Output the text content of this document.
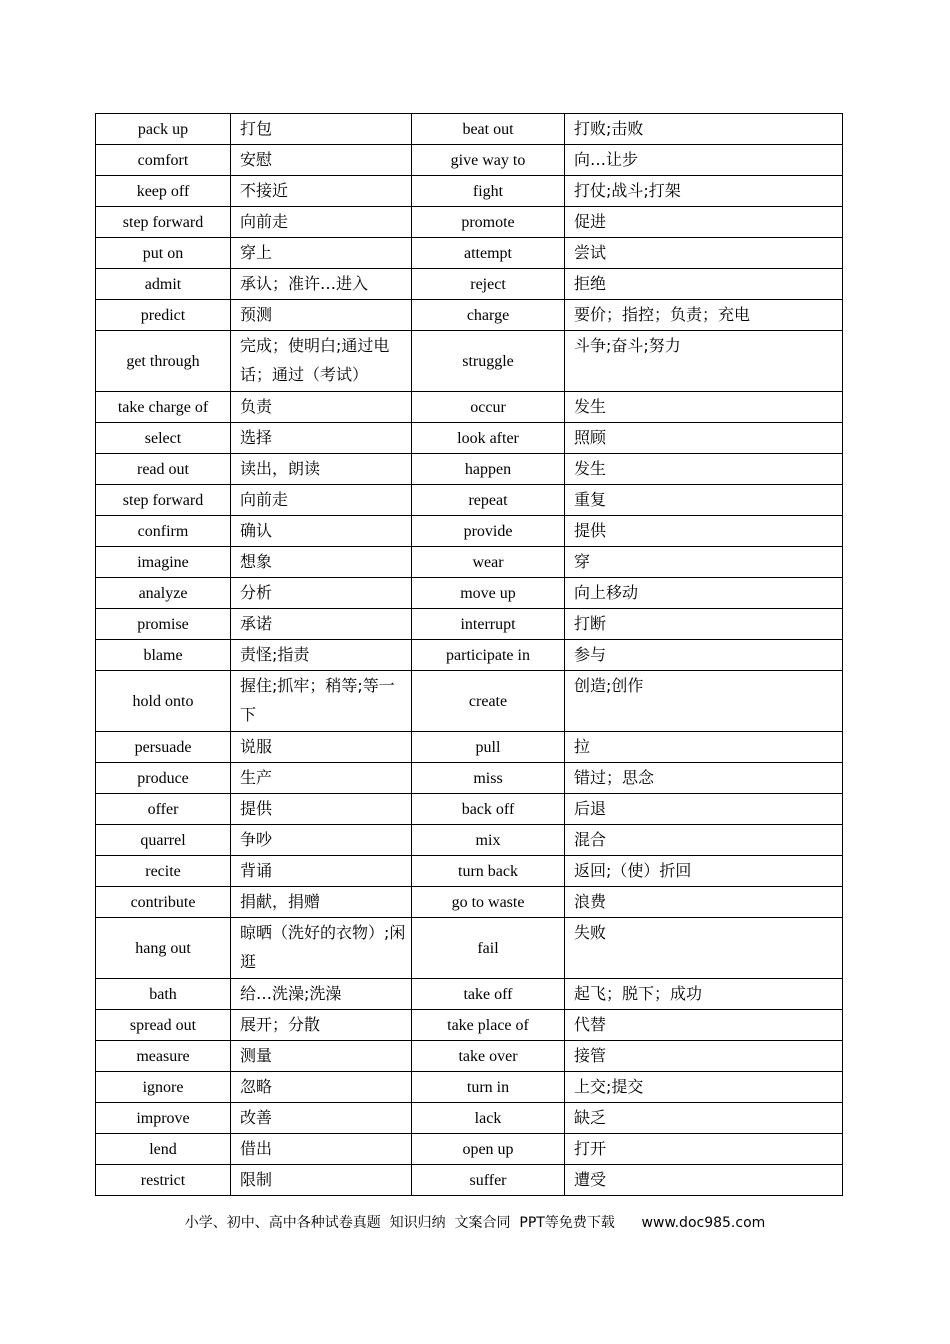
pack up	打包	beat out	打败;击败
comfort	安慰	give way to	向…让步
keep off	不接近	fight	打仗;战斗;打架
step forward	向前走	promote	促进
put on	穿上	attempt	尝试
admit	承认；准许…进入	reject	拒绝
predict	预测	charge	要价；指控；负责；充电
get through	完成；使明白;通过电话；通过（考试）	struggle	斗争;奋斗;努力
take charge of	负责	occur	发生
select	选择	look after	照顾
read out	读出，朗读	happen	发生
step forward	向前走	repeat	重复
confirm	确认	provide	提供
imagine	想象	wear	穿
analyze	分析	move up	向上移动
promise	承诺	interrupt	打断
blame	责怪;指责	participate in	参与
hold onto	握住;抓牢；稍等;等一下	create	创造;创作
persuade	说服	pull	拉
produce	生产	miss	错过；思念
offer	提供	back off	后退
quarrel	争吵	mix	混合
recite	背诵	turn back	返回;（使）折回
contribute	捐献，捐赠	go to waste	浪费
hang out	晾晒（洗好的衣物）;闲逛	fail	失败
bath	给…洗澡;洗澡	take off	起飞；脱下；成功
spread out	展开；分散	take place of	代替
measure	测量	take over	接管
ignore	忽略	turn in	上交;提交
improve	改善	lack	缺乏
lend	借出	open up	打开
restrict	限制	suffer	遭受
小学、初中、高中各种试卷真题  知识归纳  文案合同  PPT等免费下载      www.doc985.com
